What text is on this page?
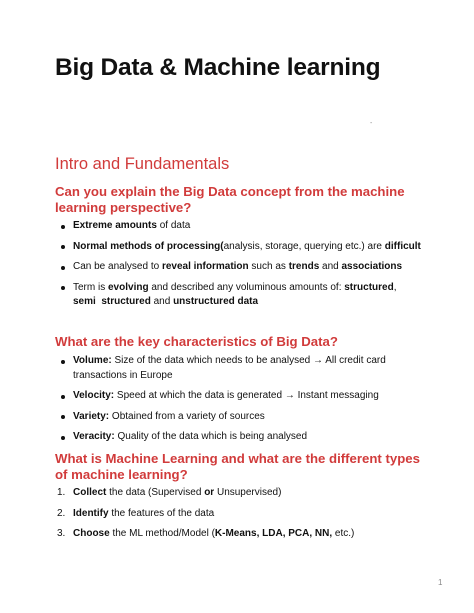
Big Data & Machine learning
-
Intro and Fundamentals
Can you explain the Big Data concept from the machine learning perspective?
Extreme amounts of data
Normal methods of processing(analysis, storage, querying etc.) are difficult
Can be analysed to reveal information such as trends and associations
Term is evolving and described any voluminous amounts of: structured, semi  structured and unstructured data
What are the key characteristics of Big Data?
Volume: Size of the data which needs to be analysed → All credit card transactions in Europe
Velocity: Speed at which the data is generated → Instant messaging
Variety: Obtained from a variety of sources
Veracity: Quality of the data which is being analysed
What is Machine Learning and what are the different types of machine learning?
1. Collect the data (Supervised or Unsupervised)
2. Identify the features of the data
3. Choose the ML method/Model (K-Means, LDA, PCA, NN, etc.)
1
